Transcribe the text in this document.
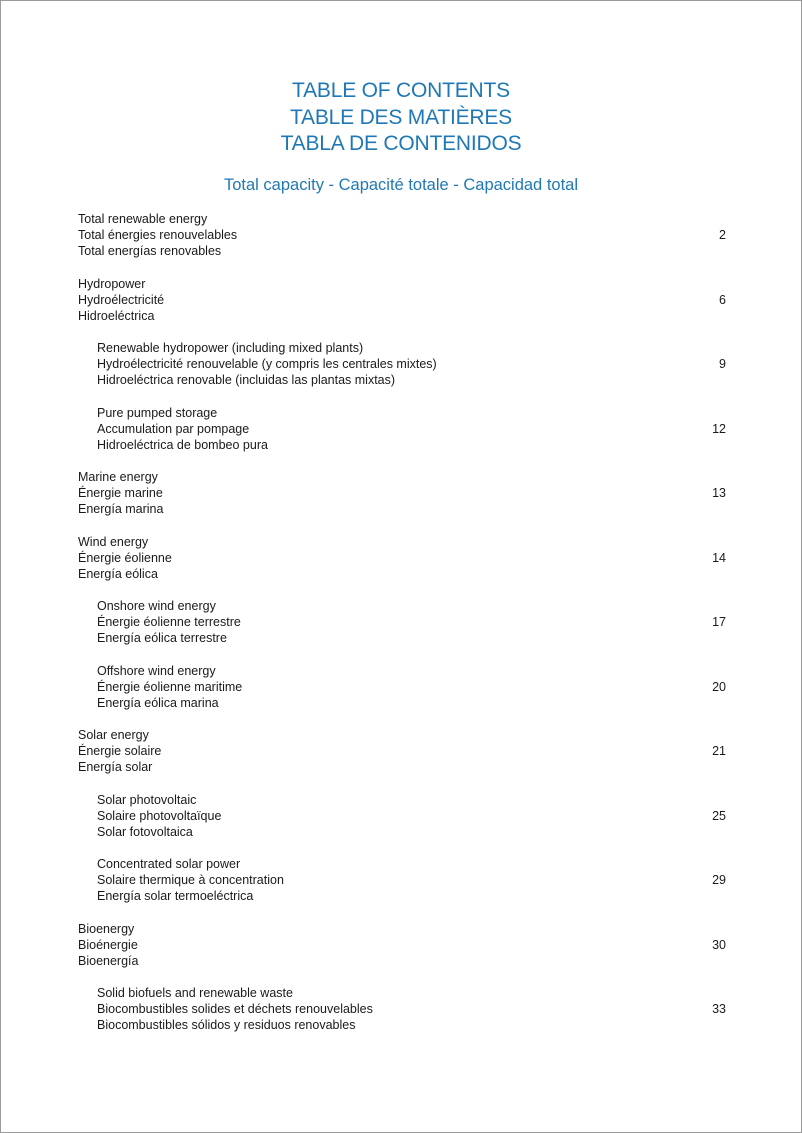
TABLE OF CONTENTS
TABLE DES MATIÈRES
TABLA DE CONTENIDOS
Total capacity - Capacité totale - Capacidad total
Total renewable energy
Total énergies renouvelables
Total energías renovables
2
Hydropower
Hydroélectricité
Hidroeléctrica
6
Renewable hydropower (including mixed plants)
Hydroélectricité renouvelable (y compris les centrales mixtes)
Hidroeléctrica renovable (incluidas las plantas mixtas)
9
Pure pumped storage
Accumulation par pompage
Hidroeléctrica de bombeo pura
12
Marine energy
Énergie marine
Energía marina
13
Wind energy
Énergie éolienne
Energía eólica
14
Onshore wind energy
Énergie éolienne terrestre
Energía eólica terrestre
17
Offshore wind energy
Énergie éolienne maritime
Energía eólica marina
20
Solar energy
Énergie solaire
Energía solar
21
Solar photovoltaic
Solaire photovoltaïque
Solar fotovoltaica
25
Concentrated solar power
Solaire thermique à concentration
Energía solar termoeléctrica
29
Bioenergy
Bioénergie
Bioenergía
30
Solid biofuels and renewable waste
Biocombustibles solides et déchets renouvelables
Biocombustibles sólidos y residuos renovables
33
